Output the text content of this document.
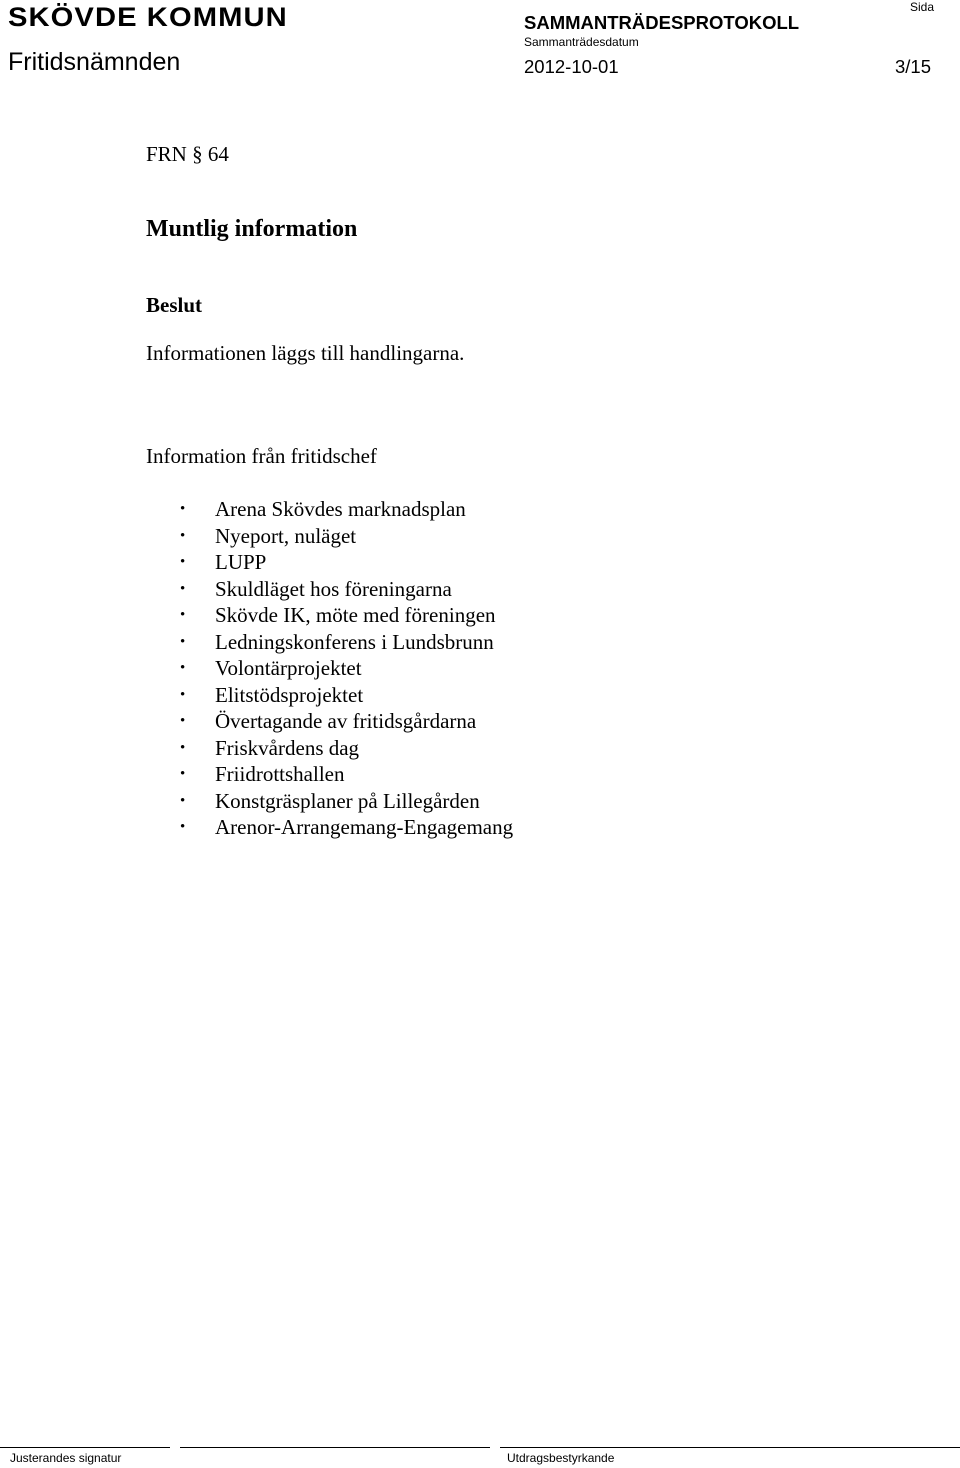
SKÖVDE KOMMUN	SAMMANTRÄDESPROTOKOLL
Sida
Sammanträdesdatum
Fritidsnämnden	2012-10-01	3/15
FRN § 64
Muntlig information
Beslut
Informationen läggs till handlingarna.
Information från fritidschef
• Arena Skövdes marknadsplan
• Nyeport, nuläget
• LUPP
• Skuldläget hos föreningarna
• Skövde IK, möte med föreningen
• Ledningskonferens i Lundsbrunn
• Volontärprojektet
• Elitstödsprojektet
• Övertagande av fritidsgårdarna
• Friskvårdens dag
• Friidrottshallen
• Konstgräsplaner på Lillegården
• Arenor-Arrangemang-Engagemang
Justerandes signatur	Utdragsbestyrkande
